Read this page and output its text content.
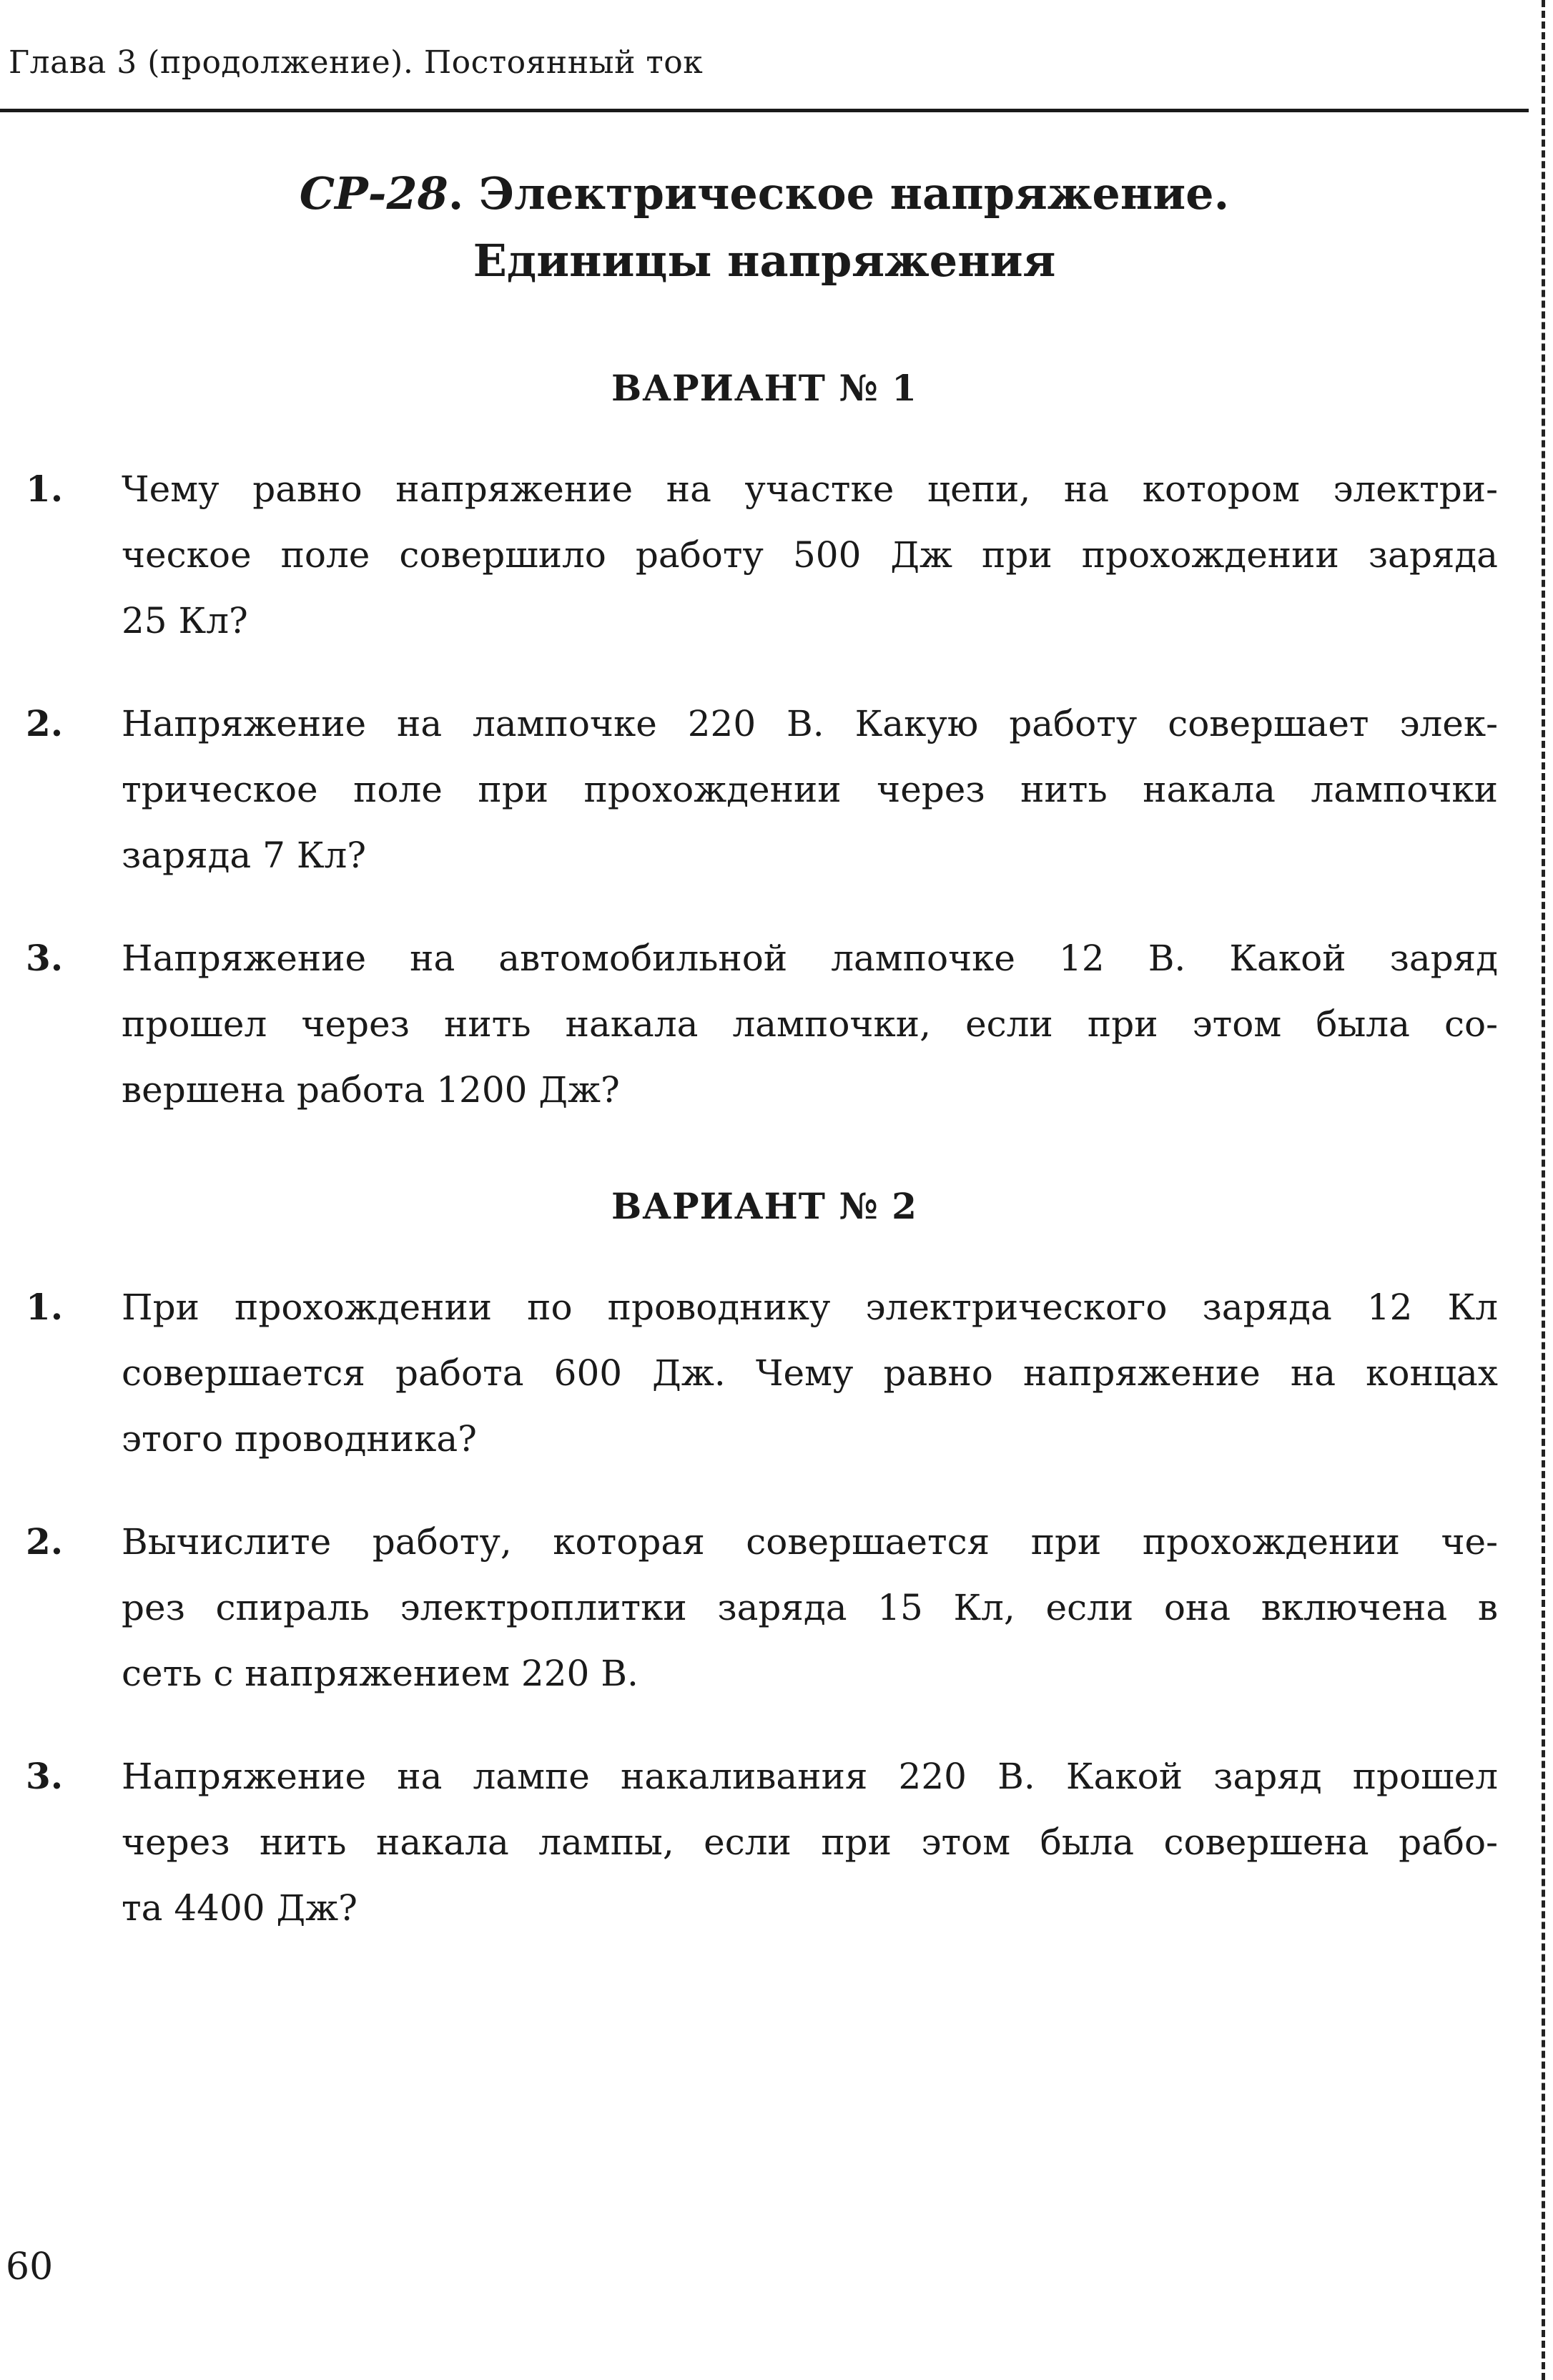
Глава 3 (продолжение). Постоянный ток
СР-28. Электрическое напряжение.
Единицы напряжения
ВАРИАНТ № 1
1. Чему равно напряжение на участке цепи, на котором электри-
ческое поле совершило работу 500 Дж при прохождении заряда
25 Кл?
2. Напряжение на лампочке 220 В. Какую работу совершает элек-
трическое поле при прохождении через нить накала лампочки
заряда 7 Кл?
3. Напряжение на автомобильной лампочке 12 В. Какой заряд
прошел через нить накала лампочки, если при этом была со-
вершена работа 1200 Дж?
ВАРИАНТ № 2
1. При прохождении по проводнику электрического заряда 12 Кл
совершается работа 600 Дж. Чему равно напряжение на концах
этого проводника?
2. Вычислите работу, которая совершается при прохождении че-
рез спираль электроплитки заряда 15 Кл, если она включена в
сеть с напряжением 220 В.
3. Напряжение на лампе накаливания 220 В. Какой заряд прошел
через нить накала лампы, если при этом была совершена рабо-
та 4400 Дж?
60
